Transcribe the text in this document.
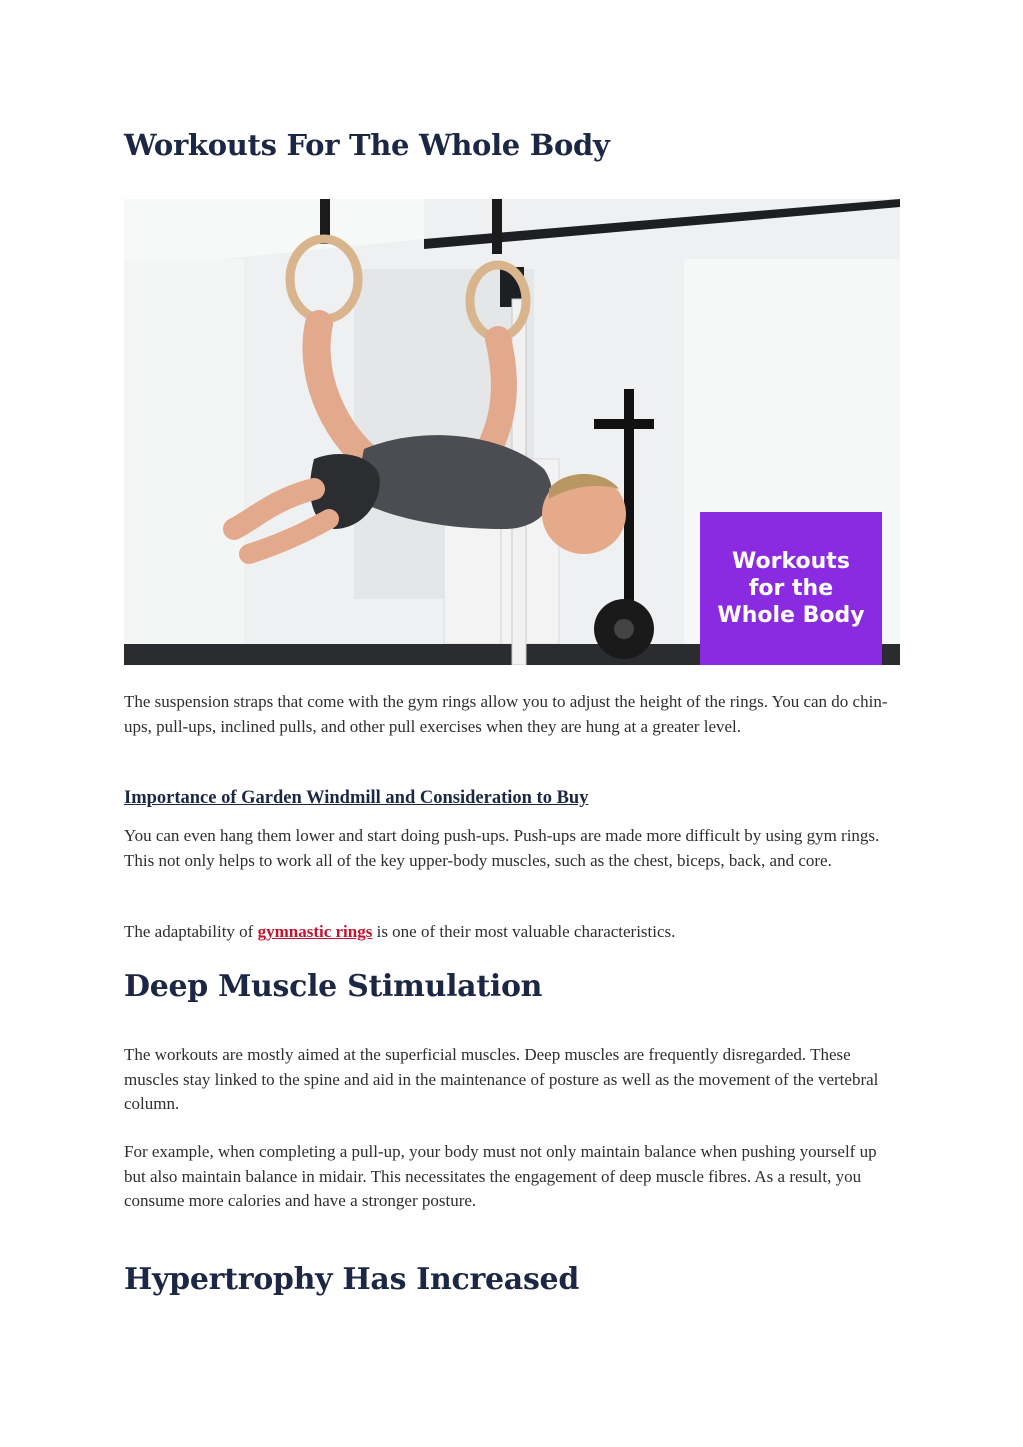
Workouts For The Whole Body
Workouts
for the
Whole Body

The suspension straps that come with the gym rings allow you to adjust the height of the rings. You can do chin-ups, pull-ups, inclined pulls, and other pull exercises when they are hung at a greater level.

Importance of Garden Windmill and Consideration to Buy

You can even hang them lower and start doing push-ups. Push-ups are made more difficult by using gym rings. This not only helps to work all of the key upper-body muscles, such as the chest, biceps, back, and core.

The adaptability of gymnastic rings is one of their most valuable characteristics.

Deep Muscle Stimulation

The workouts are mostly aimed at the superficial muscles. Deep muscles are frequently disregarded. These muscles stay linked to the spine and aid in the maintenance of posture as well as the movement of the vertebral column.

For example, when completing a pull-up, your body must not only maintain balance when pushing yourself up but also maintain balance in midair. This necessitates the engagement of deep muscle fibres. As a result, you consume more calories and have a stronger posture.

Hypertrophy Has Increased
